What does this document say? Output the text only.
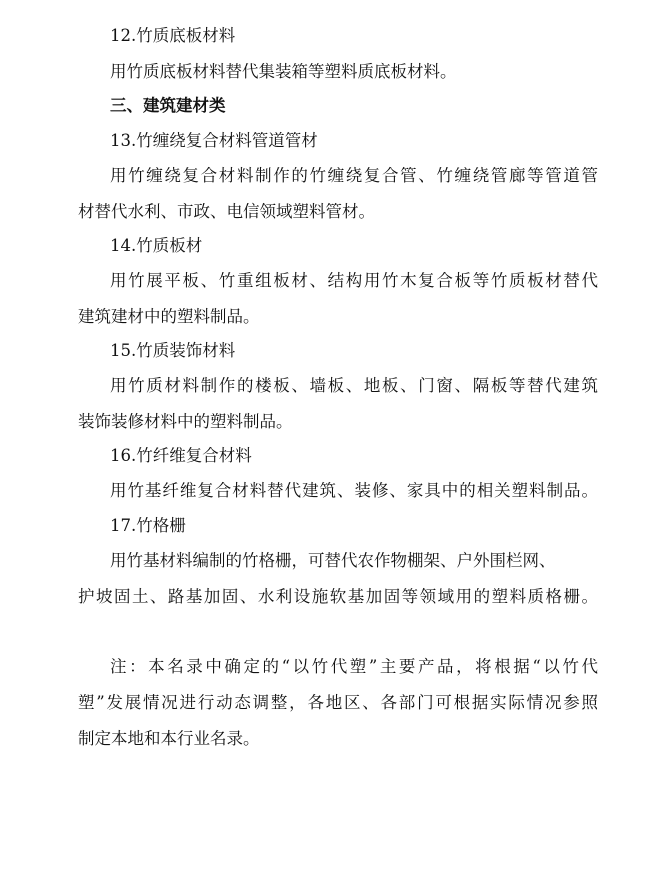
12.竹质底板材料
用竹质底板材料替代集装箱等塑料质底板材料。
三、建筑建材类
13.竹缠绕复合材料管道管材
用竹缠绕复合材料制作的竹缠绕复合管、竹缠绕管廊等管道管
材替代水利、市政、电信领域塑料管材。
14.竹质板材
用竹展平板、竹重组板材、结构用竹木复合板等竹质板材替代
建筑建材中的塑料制品。
15.竹质装饰材料
用竹质材料制作的楼板、墙板、地板、门窗、隔板等替代建筑
装饰装修材料中的塑料制品。
16.竹纤维复合材料
用竹基纤维复合材料替代建筑、装修、家具中的相关塑料制品。
17.竹格栅
用竹基材料编制的竹格栅，可替代农作物棚架、户外围栏网、
护坡固土、路基加固、水利设施软基加固等领域用的塑料质格栅。
注：本名录中确定的“以竹代塑”主要产品，将根据“以竹代
塑”发展情况进行动态调整，各地区、各部门可根据实际情况参照
制定本地和本行业名录。
